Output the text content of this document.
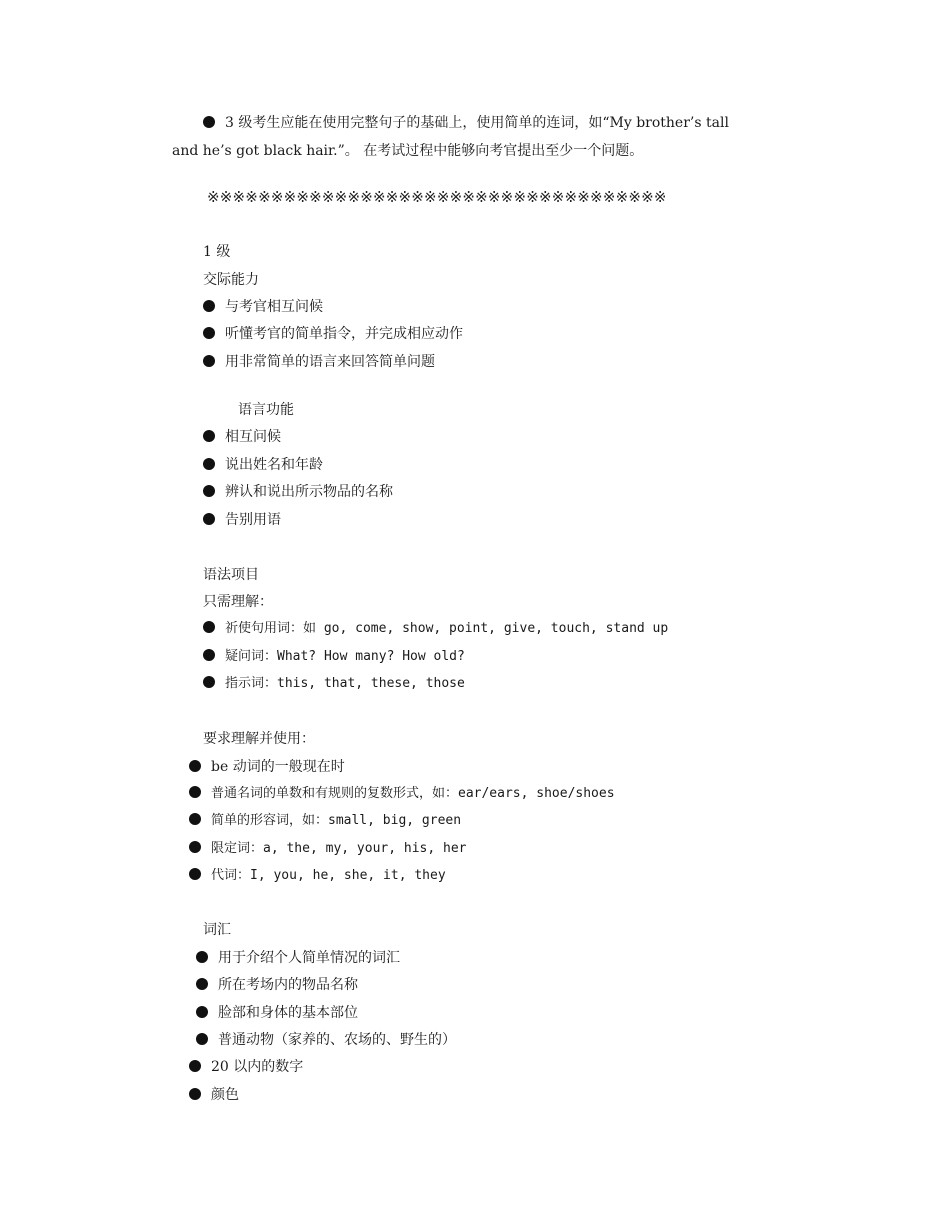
3 级考生应能在使用完整句子的基础上，使用简单的连词，如“My brother’s tall
and he’s got black hair.”。 在考试过程中能够向考官提出至少一个问题。
※※※※※※※※※※※※※※※※※※※※※※※※※※※※※※※※※※※※
1 级
交际能力
与考官相互问候
听懂考官的简单指令，并完成相应动作
用非常简单的语言来回答简单问题
语言功能
相互问候
说出姓名和年龄
辨认和说出所示物品的名称
告别用语
语法项目
只需理解：
祈使句用词：如 go, come, show, point, give, touch, stand up
疑问词：What? How many? How old?
指示词：this, that, these, those
要求理解并使用：
be 动词的一般现在时
普通名词的单数和有规则的复数形式，如：ear/ears, shoe/shoes
简单的形容词，如：small, big, green
限定词：a, the, my, your, his, her
代词：I, you, he, she, it, they
词汇
用于介绍个人简单情况的词汇
所在考场内的物品名称
脸部和身体的基本部位
普通动物（家养的、农场的、野生的）
20 以内的数字
颜色
